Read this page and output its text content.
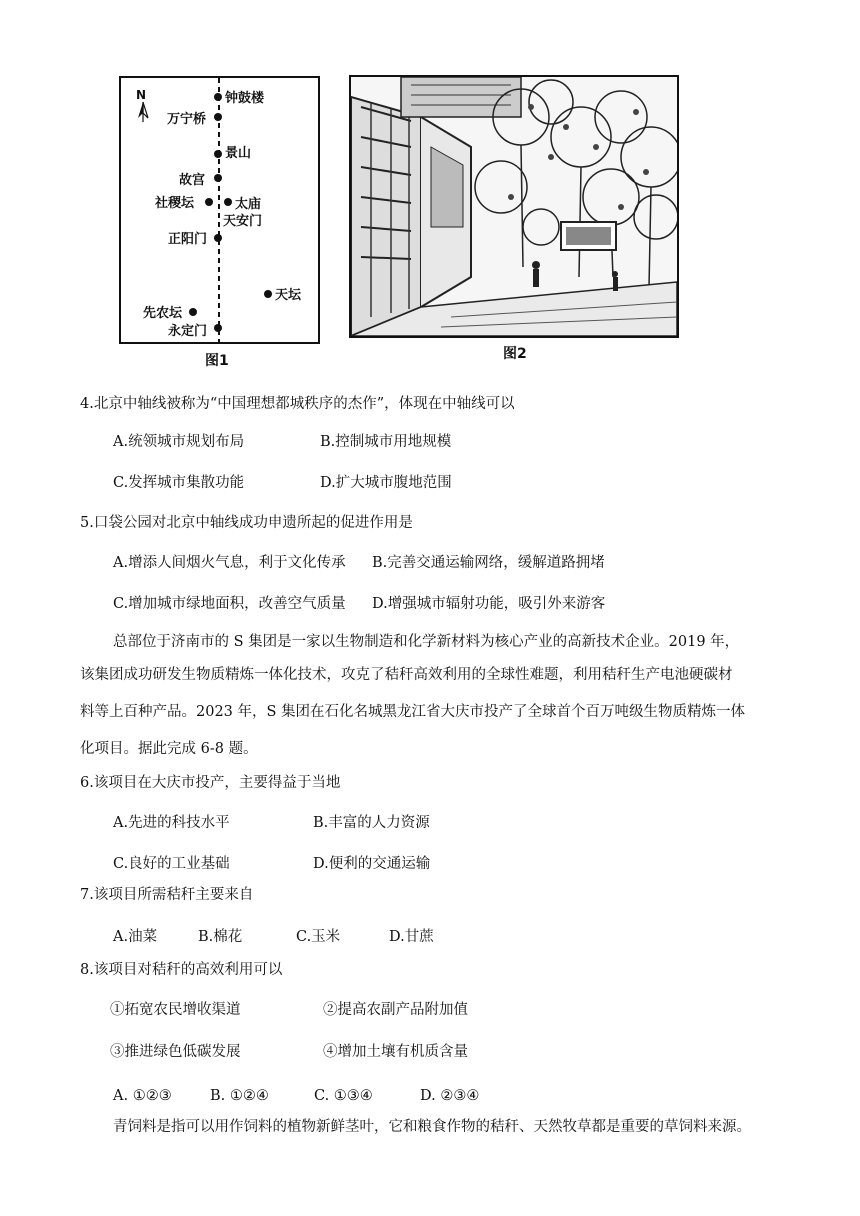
N	钟鼓楼
万宁桥
景山
故宫
社稷坛	太庙
天安门
正阳门
天坛
先农坛
永定门
图1	图2
4.北京中轴线被称为“中国理想都城秩序的杰作”，体现在中轴线可以
A.统领城市规划布局	B.控制城市用地规模
C.发挥城市集散功能	D.扩大城市腹地范围
5.口袋公园对北京中轴线成功申遗所起的促进作用是
A.增添人间烟火气息，利于文化传承 B.完善交通运输网络，缓解道路拥堵
C.增加城市绿地面积，改善空气质量 D.增强城市辐射功能，吸引外来游客
总部位于济南市的 S 集团是一家以生物制造和化学新材料为核心产业的高新技术企业。2019 年，
该集团成功研发生物质精炼一体化技术，攻克了秸秆高效利用的全球性难题，利用秸秆生产电池硬碳材
料等上百种产品。2023 年，S 集团在石化名城黑龙江省大庆市投产了全球首个百万吨级生物质精炼一体
化项目。据此完成 6-8 题。
6.该项目在大庆市投产，主要得益于当地
A.先进的科技水平	B.丰富的人力资源
C.良好的工业基础	D.便利的交通运输
7.该项目所需秸秆主要来自
A.油菜	B.棉花	C.玉米	D.甘蔗
8.该项目对秸秆的高效利用可以
①拓宽农民增收渠道	②提高农副产品附加值
③推进绿色低碳发展	④增加土壤有机质含量
A. ①②③	B. ①②④	C. ①③④	D. ②③④
青饲料是指可以用作饲料的植物新鲜茎叶，它和粮食作物的秸秆、天然牧草都是重要的草饲料来源。
